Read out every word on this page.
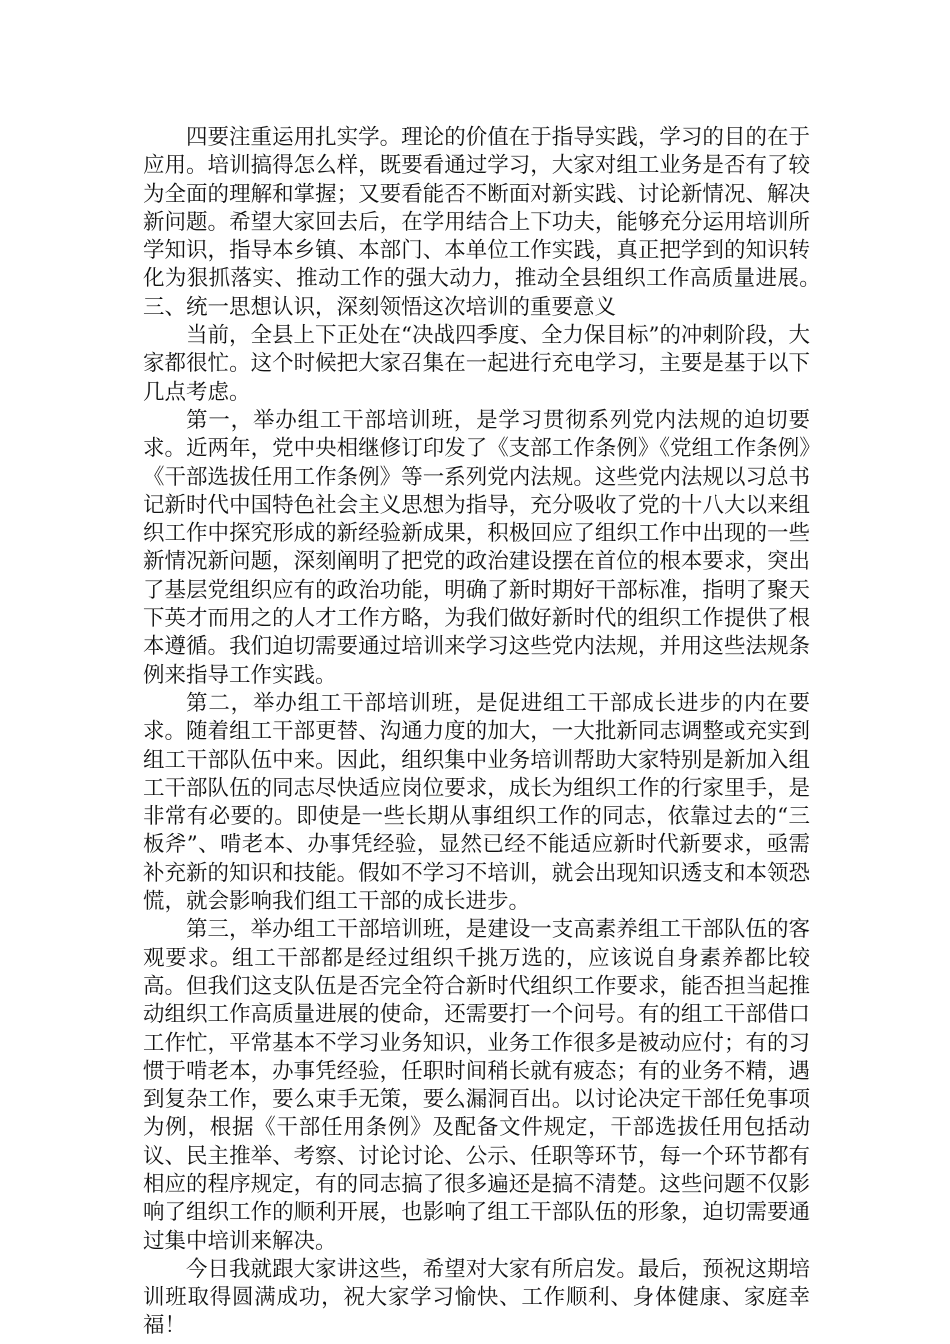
四要注重运用扎实学。理论的价值在于指导实践，学习的目的在于应用。培训搞得怎么样，既要看通过学习，大家对组工业务是否有了较为全面的理解和掌握；又要看能否不断面对新实践、讨论新情况、解决新问题。希望大家回去后，在学用结合上下功夫，能够充分运用培训所学知识，指导本乡镇、本部门、本单位工作实践，真正把学到的知识转化为狠抓落实、推动工作的强大动力，推动全县组织工作高质量进展。　　　三、统一思想认识，深刻领悟这次培训的重要意义

当前，全县上下正处在“决战四季度、全力保目标”的冲刺阶段，大家都很忙。这个时候把大家召集在一起进行充电学习，主要是基于以下几点考虑。

第一，举办组工干部培训班，是学习贯彻系列党内法规的迫切要求。近两年，党中央相继修订印发了《支部工作条例》《党组工作条例》《干部选拔任用工作条例》等一系列党内法规。这些党内法规以习总书记新时代中国特色社会主义思想为指导，充分吸收了党的十八大以来组织工作中探究形成的新经验新成果，积极回应了组织工作中出现的一些新情况新问题，深刻阐明了把党的政治建设摆在首位的根本要求，突出了基层党组织应有的政治功能，明确了新时期好干部标准，指明了聚天下英才而用之的人才工作方略，为我们做好新时代的组织工作提供了根本遵循。我们迫切需要通过培训来学习这些党内法规，并用这些法规条例来指导工作实践。

第二，举办组工干部培训班，是促进组工干部成长进步的内在要求。随着组工干部更替、沟通力度的加大，一大批新同志调整或充实到组工干部队伍中来。因此，组织集中业务培训帮助大家特别是新加入组工干部队伍的同志尽快适应岗位要求，成长为组织工作的行家里手，是非常有必要的。即使是一些长期从事组织工作的同志，依靠过去的“三板斧”、啃老本、办事凭经验，显然已经不能适应新时代新要求，亟需补充新的知识和技能。假如不学习不培训，就会出现知识透支和本领恐慌，就会影响我们组工干部的成长进步。

第三，举办组工干部培训班，是建设一支高素养组工干部队伍的客观要求。组工干部都是经过组织千挑万选的，应该说自身素养都比较高。但我们这支队伍是否完全符合新时代组织工作要求，能否担当起推动组织工作高质量进展的使命，还需要打一个问号。有的组工干部借口工作忙，平常基本不学习业务知识，业务工作很多是被动应付；有的习惯于啃老本，办事凭经验，任职时间稍长就有疲态；有的业务不精，遇到复杂工作，要么束手无策，要么漏洞百出。以讨论决定干部任免事项为例，根据《干部任用条例》及配备文件规定，干部选拔任用包括动议、民主推举、考察、讨论讨论、公示、任职等环节，每一个环节都有相应的程序规定，有的同志搞了很多遍还是搞不清楚。这些问题不仅影响了组织工作的顺利开展，也影响了组工干部队伍的形象，迫切需要通过集中培训来解决。

今日我就跟大家讲这些，希望对大家有所启发。最后，预祝这期培训班取得圆满成功，祝大家学习愉快、工作顺利、身体健康、家庭幸福！
